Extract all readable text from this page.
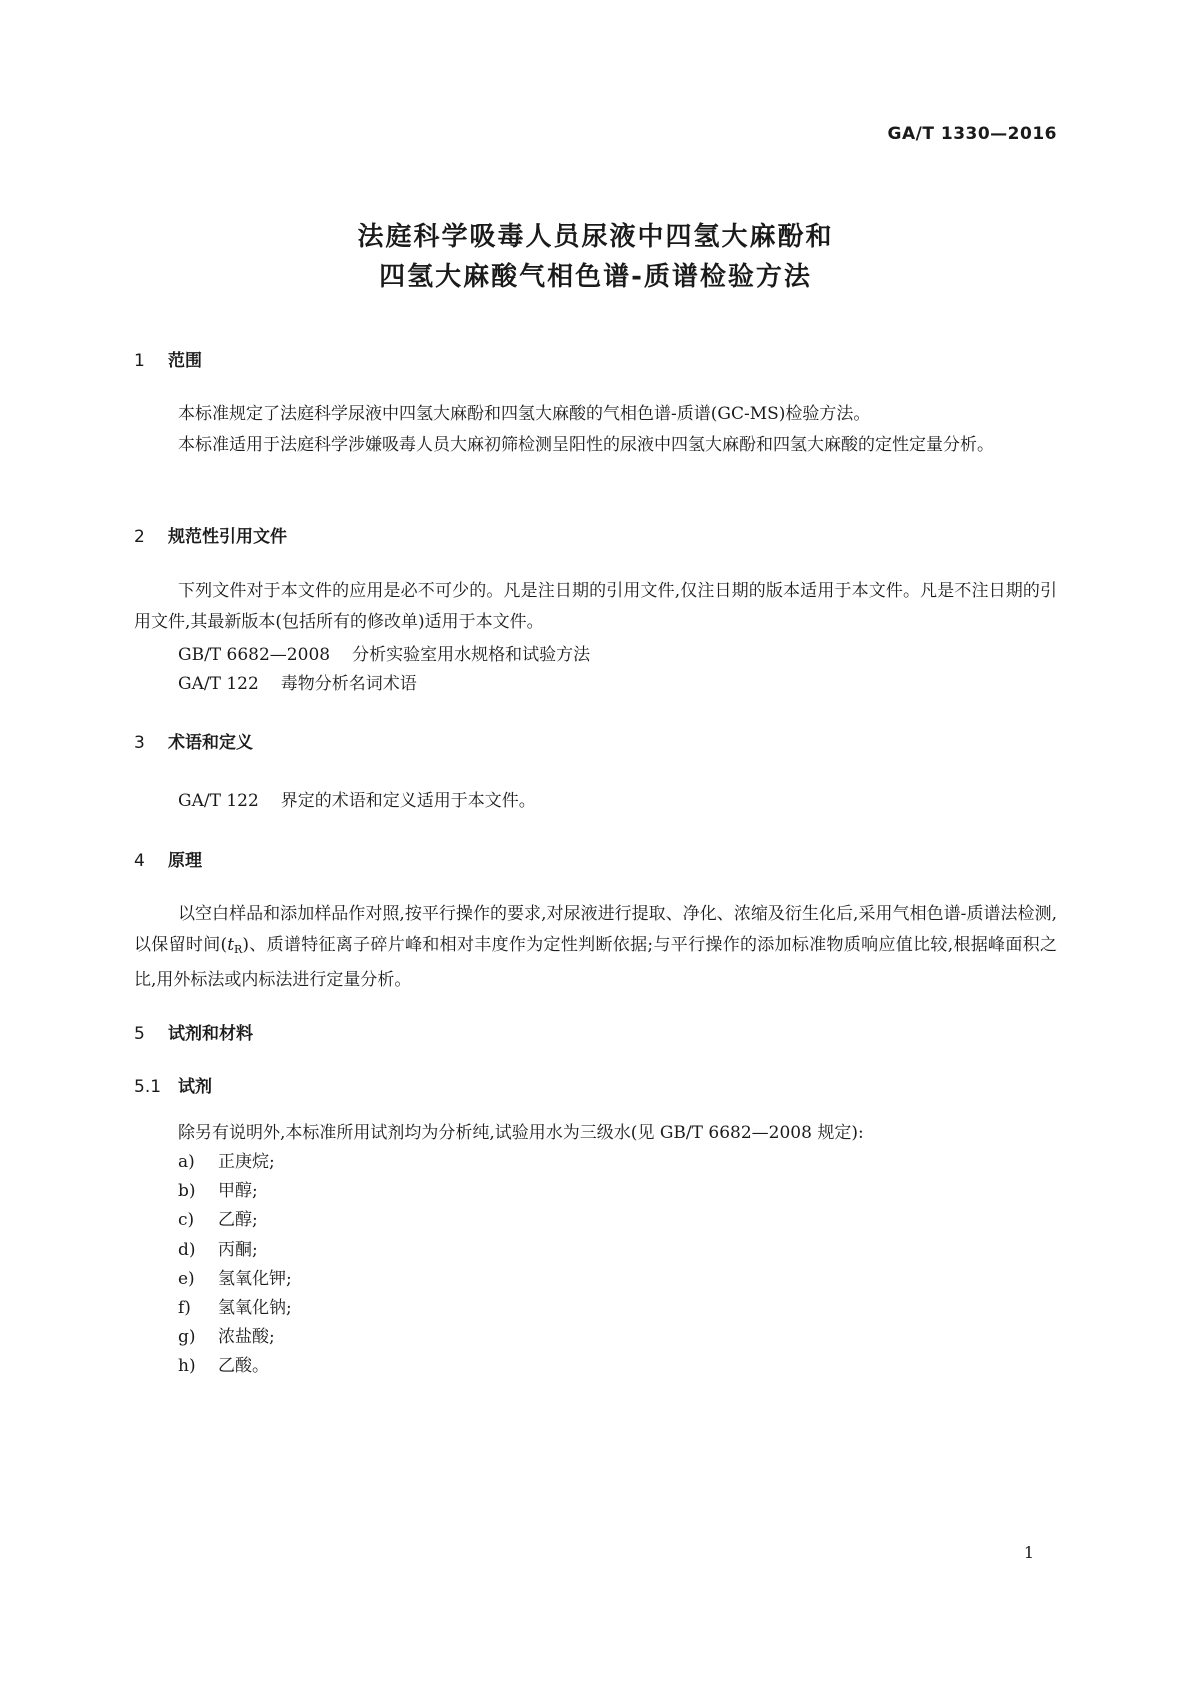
GA/T 1330—2016
法庭科学吸毒人员尿液中四氢大麻酚和
四氢大麻酸气相色谱-质谱检验方法
1 范围
本标准规定了法庭科学尿液中四氢大麻酚和四氢大麻酸的气相色谱-质谱(GC-MS)检验方法。
本标准适用于法庭科学涉嫌吸毒人员大麻初筛检测呈阳性的尿液中四氢大麻酚和四氢大麻酸的定性定量分析。
2 规范性引用文件
下列文件对于本文件的应用是必不可少的。凡是注日期的引用文件,仅注日期的版本适用于本文件。凡是不注日期的引用文件,其最新版本(包括所有的修改单)适用于本文件。
GB/T 6682—2008 分析实验室用水规格和试验方法
GA/T 122 毒物分析名词术语
3 术语和定义
GA/T 122 界定的术语和定义适用于本文件。
4 原理
以空白样品和添加样品作对照,按平行操作的要求,对尿液进行提取、净化、浓缩及衍生化后,采用气相色谱-质谱法检测, 以保留时间$(t_R)$、质谱特征离子碎片峰和相对丰度作为定性判断依据;与平行操作的添加标准物质响应值比较,根据峰面积之比,用外标法或内标法进行定量分析。
5 试剂和材料
5.1 试剂
除另有说明外,本标准所用试剂均为分析纯,试验用水为三级水(见 GB/T 6682—2008 规定):
a) 正庚烷;
b) 甲醇;
c) 乙醇;
d) 丙酮;
e) 氢氧化钾;
f) 氢氧化钠;
g) 浓盐酸;
h) 乙酸。
1
